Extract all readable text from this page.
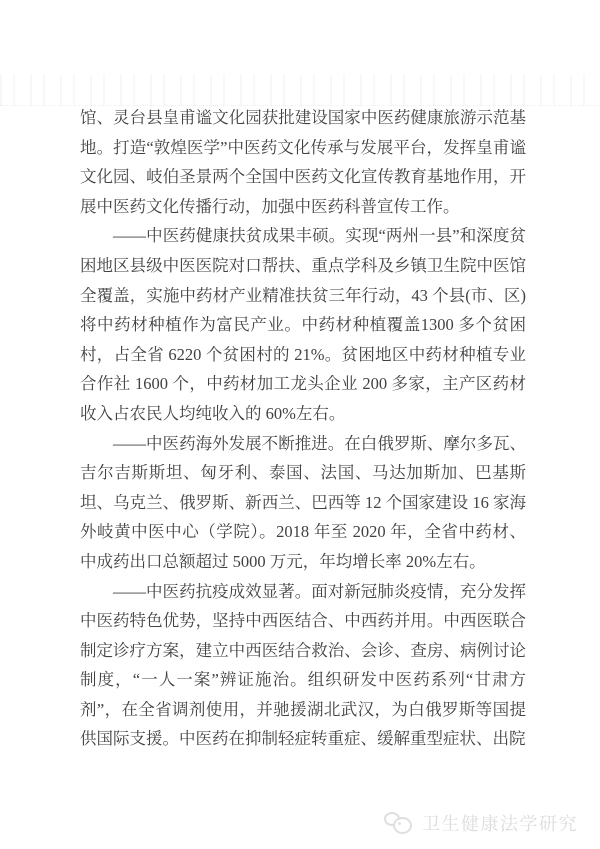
馆、灵台县皇甫谧文化园获批建设国家中医药健康旅游示范基地。打造“敦煌医学”中医药文化传承与发展平台，发挥皇甫谧文化园、岐伯圣景两个全国中医药文化宣传教育基地作用，开展中医药文化传播行动，加强中医药科普宣传工作。

——中医药健康扶贫成果丰硕。实现“两州一县”和深度贫困地区县级中医医院对口帮扶、重点学科及乡镇卫生院中医馆全覆盖，实施中药材产业精准扶贫三年行动，43 个县(市、区)将中药材种植作为富民产业。中药材种植覆盖1300 多个贫困村，占全省 6220 个贫困村的 21%。贫困地区中药材种植专业合作社 1600 个，中药材加工龙头企业 200 多家，主产区药材收入占农民人均纯收入的 60%左右。

——中医药海外发展不断推进。在白俄罗斯、摩尔多瓦、吉尔吉斯斯坦、匈牙利、泰国、法国、马达加斯加、巴基斯坦、乌克兰、俄罗斯、新西兰、巴西等 12 个国家建设 16 家海外岐黄中医中心（学院）。2018 年至 2020 年，全省中药材、中成药出口总额超过 5000 万元，年均增长率 20%左右。

——中医药抗疫成效显著。面对新冠肺炎疫情，充分发挥中医药特色优势，坚持中西医结合、中西药并用。中西医联合制定诊疗方案，建立中西医结合救治、会诊、查房、病例讨论制度，“一人一案”辨证施治。组织研发中医药系列“甘肃方剂”，在全省调剂使用，并驰援湖北武汉，为白俄罗斯等国提供国际支援。中医药在抑制轻症转重症、缓解重型症状、出院

卫生健康法学研究
